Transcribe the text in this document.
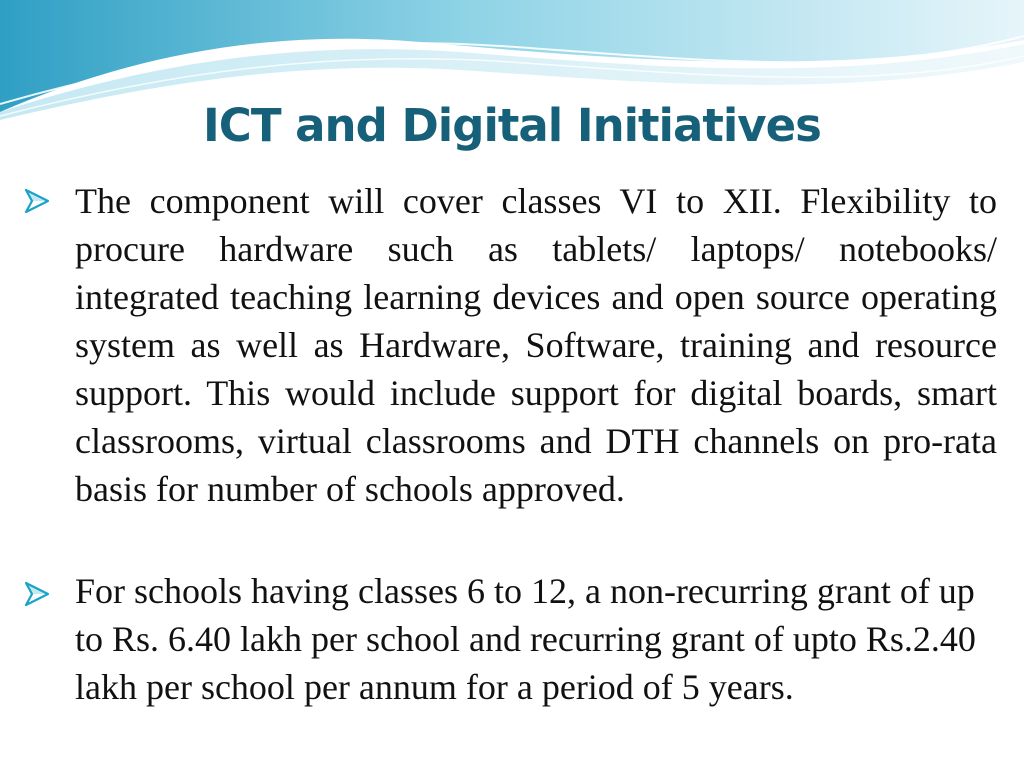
ICT and Digital Initiatives

The component will cover classes VI to XII. Flexibility to procure hardware such as tablets/ laptops/ notebooks/ integrated teaching learning devices and open source operating system as well as Hardware, Software, training and resource support. This would include support for digital boards, smart classrooms, virtual classrooms and DTH channels on pro-rata basis for number of schools approved.

For schools having classes 6 to 12, a non-recurring grant of up to Rs. 6.40 lakh per school and recurring grant of upto Rs.2.40 lakh per school per annum for a period of 5 years.
